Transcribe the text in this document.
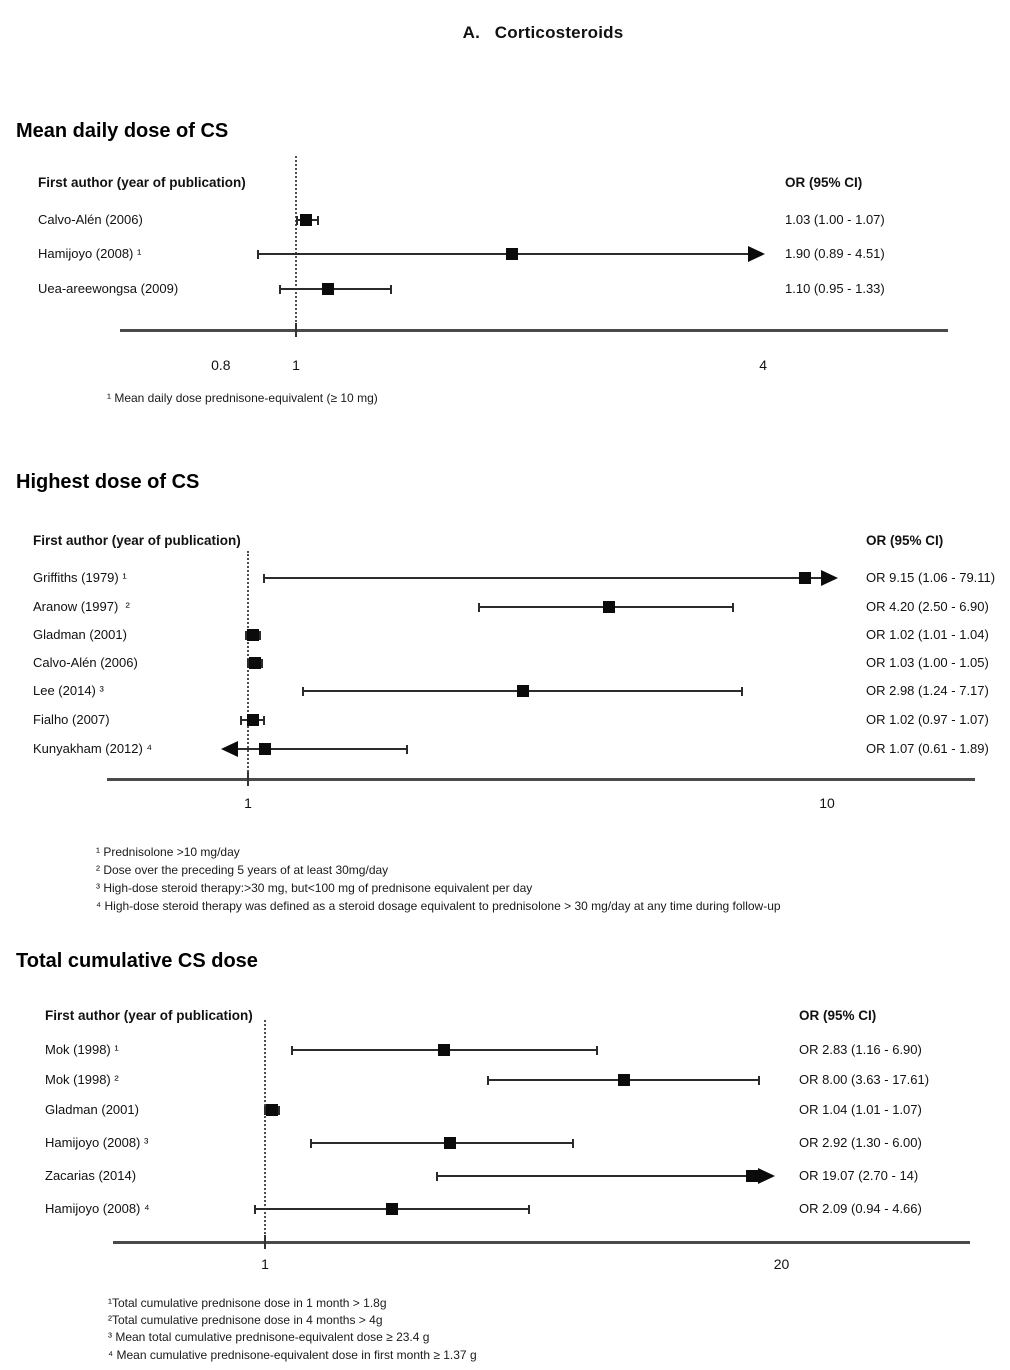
A.   Corticosteroids
Mean daily dose of CS
First author (year of publication)	OR (95% CI)
0.8	1	4
Calvo-Alén (2006)	1.03 (1.00 - 1.07)
Hamijoyo (2008) ¹	1.90 (0.89 - 4.51)
Uea-areewongsa (2009)	1.10 (0.95 - 1.33)
¹ Mean daily dose prednisone-equivalent (≥ 10 mg)
Highest dose of CS
First author (year of publication)	OR (95% CI)
1	10
Griffiths (1979) ¹	OR 9.15 (1.06 - 79.11)
Aranow (1997)  ²	OR 4.20 (2.50 - 6.90)
Gladman (2001)	OR 1.02 (1.01 - 1.04)
Calvo-Alén (2006)	OR 1.03 (1.00 - 1.05)
Lee (2014) ³	OR 2.98 (1.24 - 7.17)
Fialho (2007)	OR 1.02 (0.97 - 1.07)
Kunyakham (2012) ⁴	OR 1.07 (0.61 - 1.89)
¹ Prednisolone >10 mg/day
² Dose over the preceding 5 years of at least 30mg/day
³ High-dose steroid therapy:>30 mg, but<100 mg of prednisone equivalent per day
⁴ High-dose steroid therapy was defined as a steroid dosage equivalent to prednisolone > 30 mg/day at any time during follow-up
Total cumulative CS dose
First author (year of publication)	OR (95% CI)
1	20
Mok (1998) ¹	OR 2.83 (1.16 - 6.90)
Mok (1998) ²	OR 8.00 (3.63 - 17.61)
Gladman (2001)	OR 1.04 (1.01 - 1.07)
Hamijoyo (2008) ³	OR 2.92 (1.30 - 6.00)
Zacarias (2014)	OR 19.07 (2.70 - 14)
Hamijoyo (2008) ⁴	OR 2.09 (0.94 - 4.66)
¹Total cumulative prednisone dose in 1 month > 1.8g
²Total cumulative prednisone dose in 4 months > 4g
³ Mean total cumulative prednisone-equivalent dose ≥ 23.4 g
⁴ Mean cumulative prednisone-equivalent dose in first month ≥ 1.37 g
